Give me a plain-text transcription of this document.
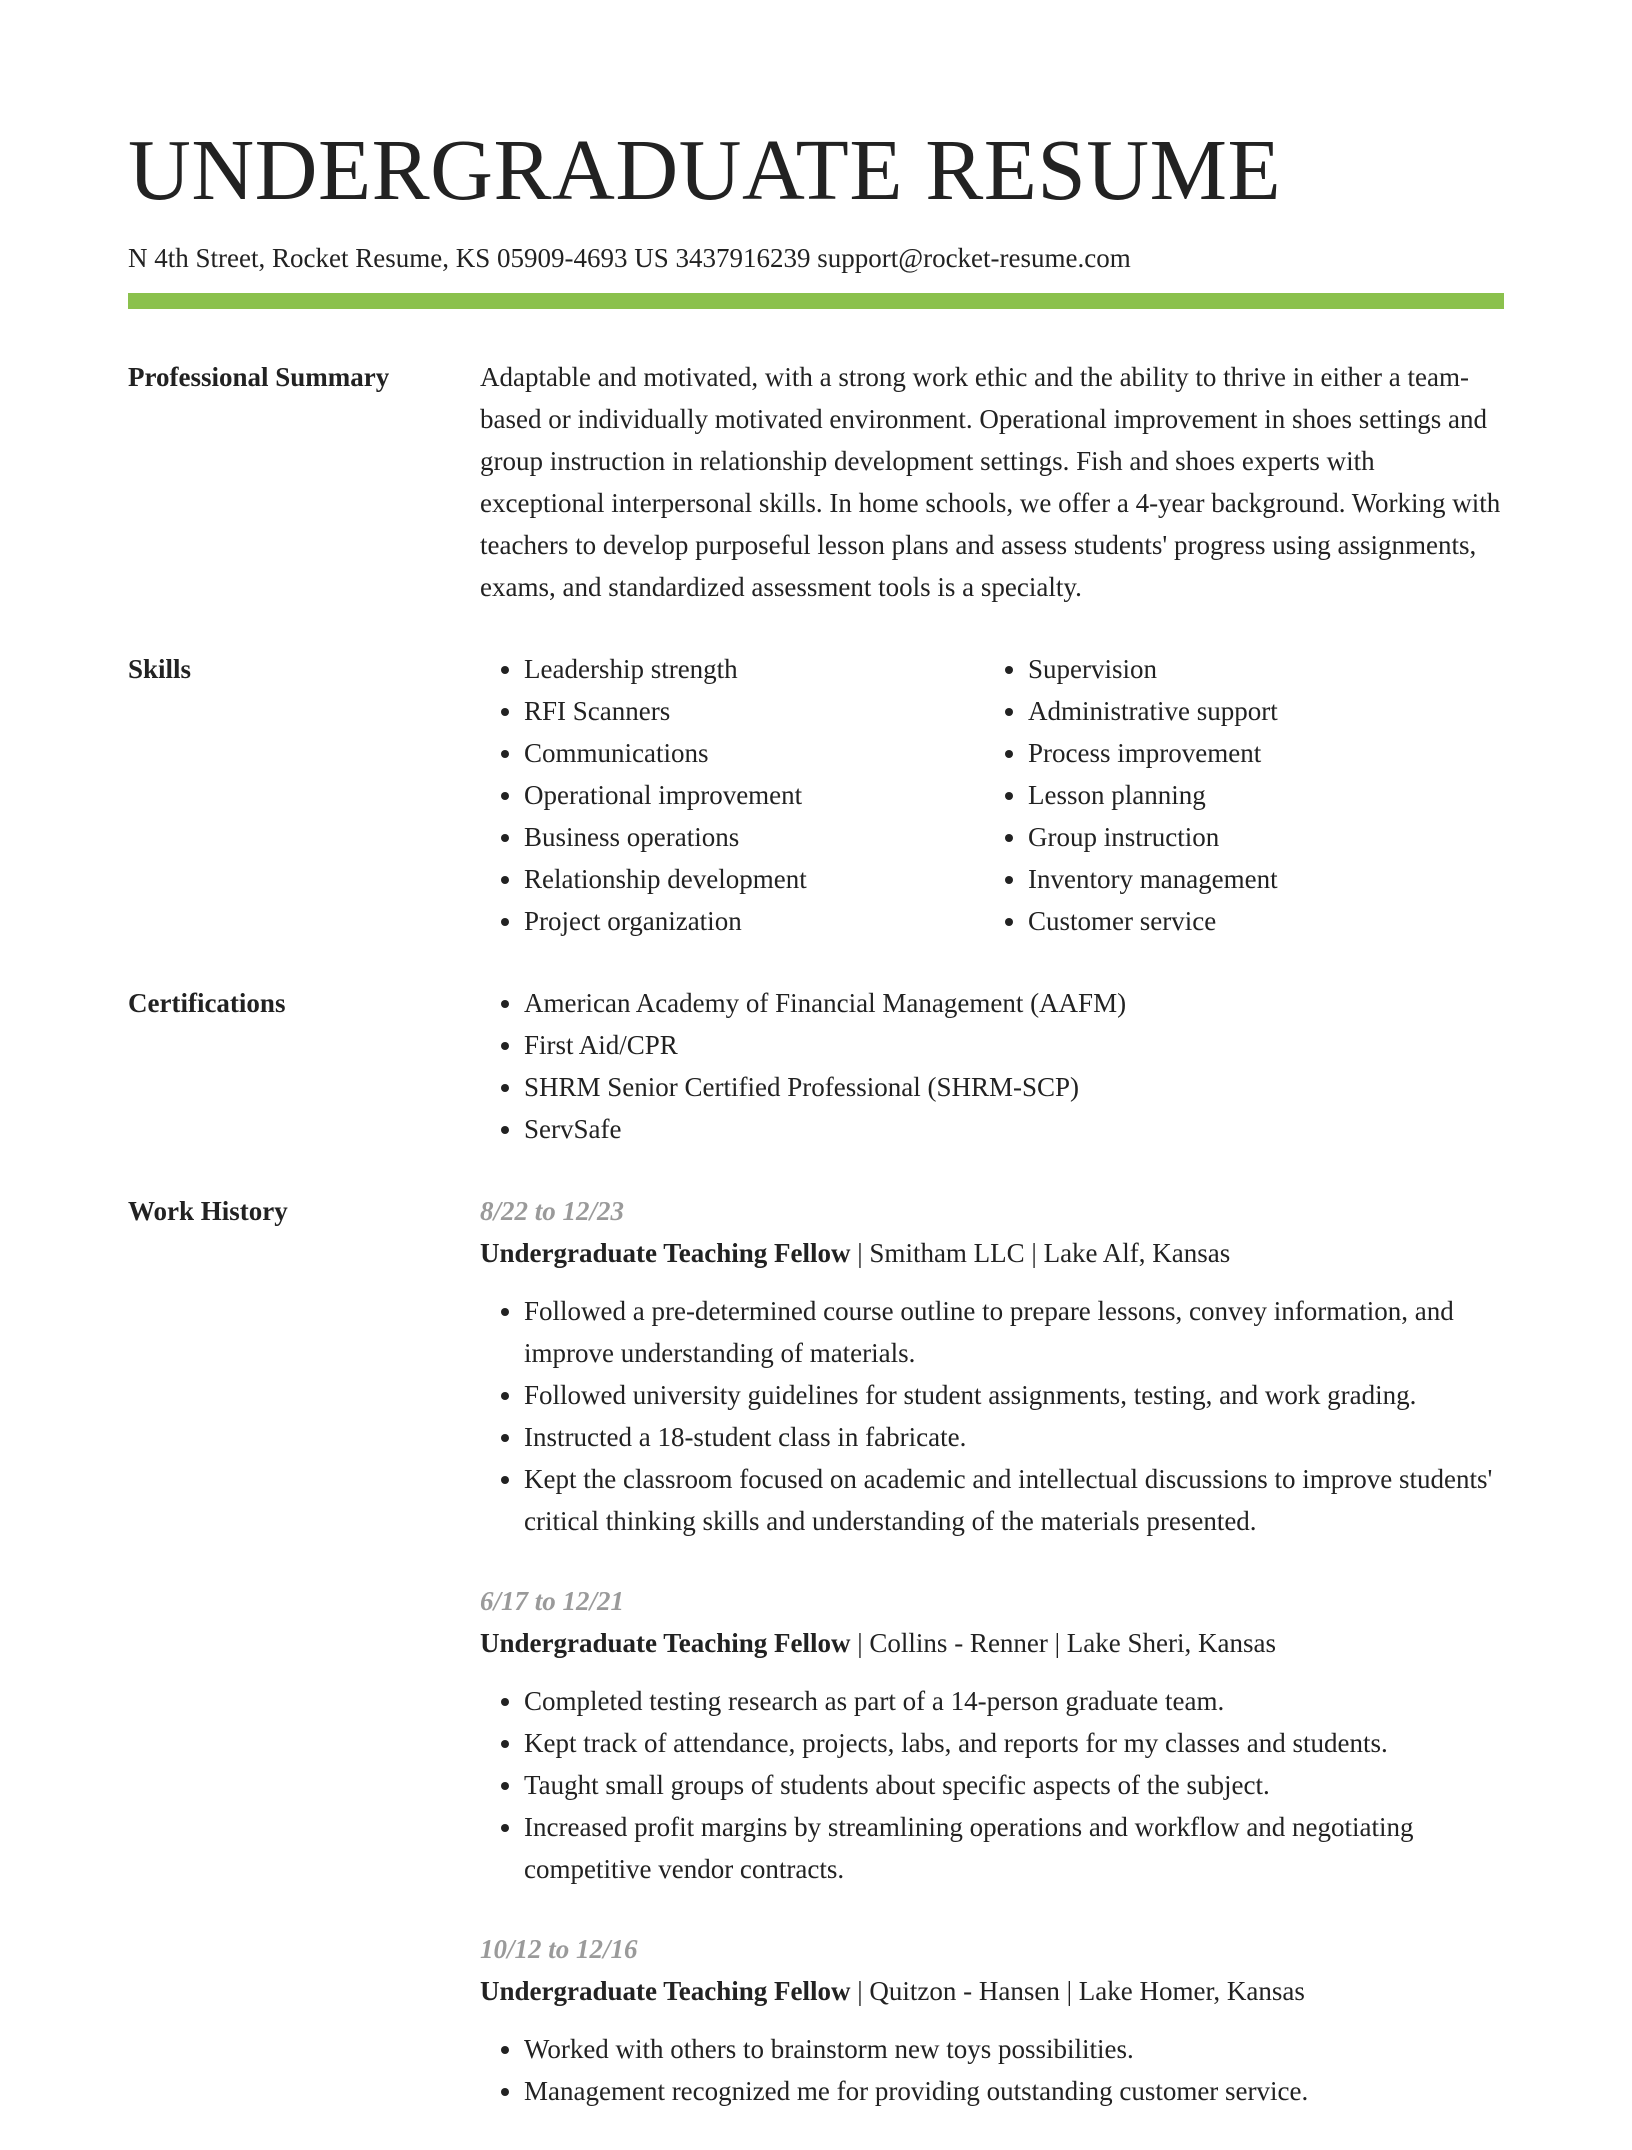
UNDERGRADUATE RESUME
N 4th Street, Rocket Resume, KS 05909-4693 US 3437916239 support@rocket-resume.com
Professional Summary	Adaptable and motivated, with a strong work ethic and the ability to thrive in either a team-based or individually motivated environment. Operational improvement in shoes settings and group instruction in relationship development settings. Fish and shoes experts with exceptional interpersonal skills. In home schools, we offer a 4-year background. Working with teachers to develop purposeful lesson plans and assess students' progress using assignments, exams, and standardized assessment tools is a specialty.

Skills	• Leadership strength
• RFI Scanners
• Communications
• Operational improvement
• Business operations
• Relationship development
• Project organization
• Supervision
• Administrative support
• Process improvement
• Lesson planning
• Group instruction
• Inventory management
• Customer service
Certifications	• American Academy of Financial Management (AAFM)
• First Aid/CPR
• SHRM Senior Certified Professional (SHRM-SCP)
• ServSafe
Work History	8/22 to 12/23
Undergraduate Teaching Fellow | Smitham LLC | Lake Alf, Kansas
• Followed a pre-determined course outline to prepare lessons, convey information, and improve understanding of materials.
• Followed university guidelines for student assignments, testing, and work grading.
• Instructed a 18-student class in fabricate.
• Kept the classroom focused on academic and intellectual discussions to improve students' critical thinking skills and understanding of the materials presented.
6/17 to 12/21
Undergraduate Teaching Fellow | Collins - Renner | Lake Sheri, Kansas
• Completed testing research as part of a 14-person graduate team.
• Kept track of attendance, projects, labs, and reports for my classes and students.
• Taught small groups of students about specific aspects of the subject.
• Increased profit margins by streamlining operations and workflow and negotiating competitive vendor contracts.
10/12 to 12/16
Undergraduate Teaching Fellow | Quitzon - Hansen | Lake Homer, Kansas
• Worked with others to brainstorm new toys possibilities.
• Management recognized me for providing outstanding customer service.
